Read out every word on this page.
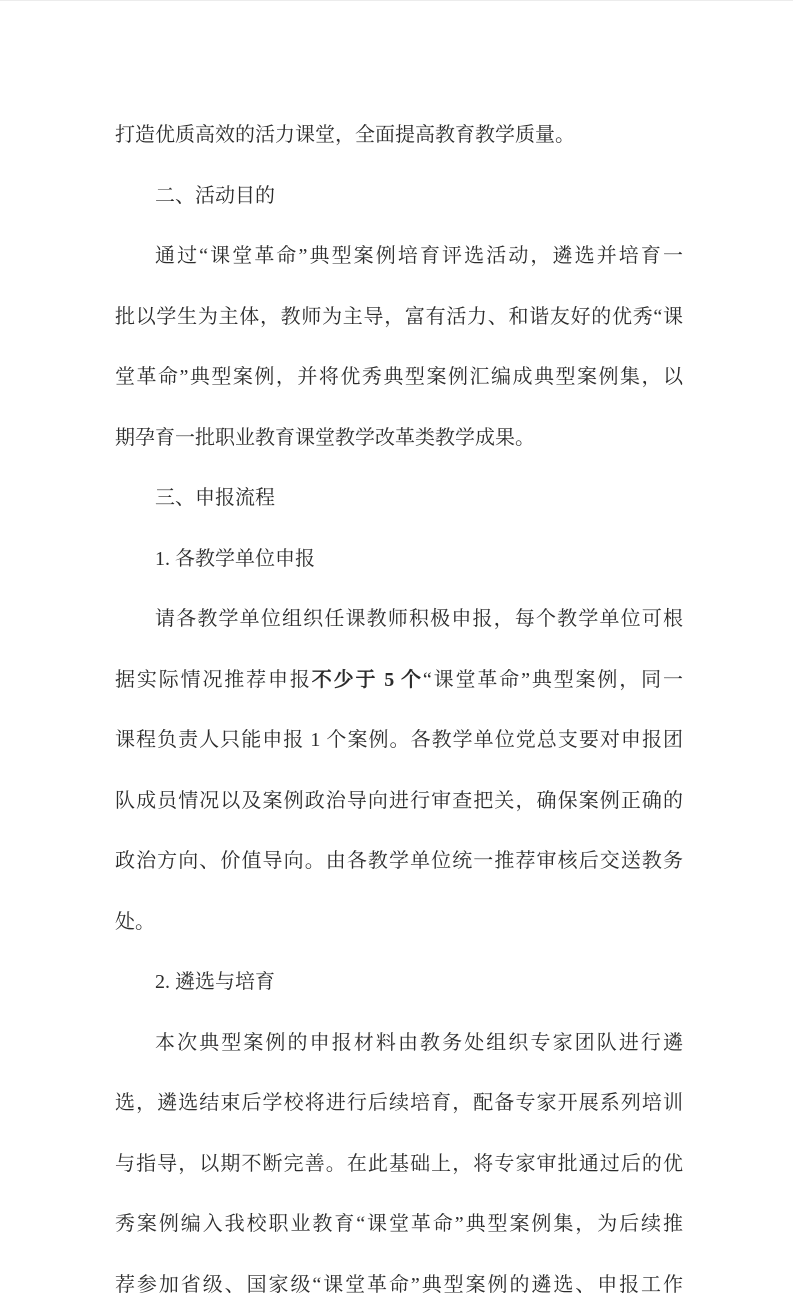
打造优质高效的活力课堂，全面提高教育教学质量。

二、活动目的

通过“课堂革命”典型案例培育评选活动，遴选并培育一

批以学生为主体，教师为主导，富有活力、和谐友好的优秀“课

堂革命”典型案例，并将优秀典型案例汇编成典型案例集，以

期孕育一批职业教育课堂教学改革类教学成果。

三、申报流程

1. 各教学单位申报

请各教学单位组织任课教师积极申报，每个教学单位可根

据实际情况推荐申报不少于 5 个“课堂革命”典型案例，同一

课程负责人只能申报 1 个案例。各教学单位党总支要对申报团

队成员情况以及案例政治导向进行审查把关，确保案例正确的

政治方向、价值导向。由各教学单位统一推荐审核后交送教务

处。

2. 遴选与培育

本次典型案例的申报材料由教务处组织专家团队进行遴

选，遴选结束后学校将进行后续培育，配备专家开展系列培训

与指导，以期不断完善。在此基础上，将专家审批通过后的优

秀案例编入我校职业教育“课堂革命”典型案例集，为后续推

荐参加省级、国家级“课堂革命”典型案例的遴选、申报工作
